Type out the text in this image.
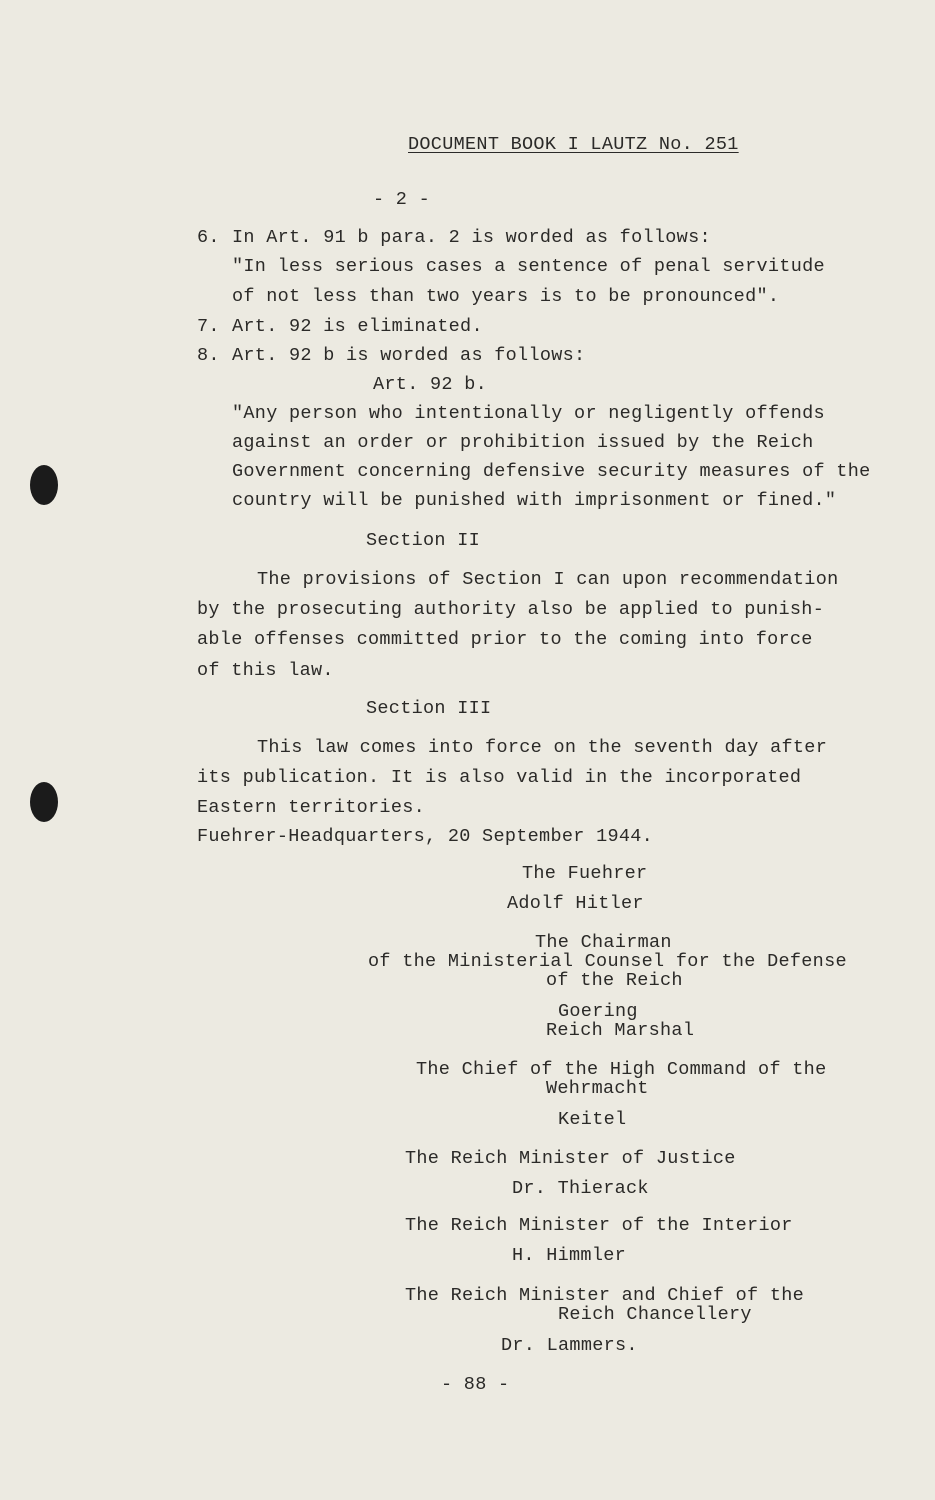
DOCUMENT BOOK I LAUTZ No. 251
- 2 -
6. In Art. 91 b para. 2 is worded as follows:
"In less serious cases a sentence of penal servitude
of not less than two years is to be pronounced".
7. Art. 92 is eliminated.
8. Art. 92 b is worded as follows:
Art. 92 b.
"Any person who intentionally or negligently offends
against an order or prohibition issued by the Reich
Government concerning defensive security measures of the
country will be punished with imprisonment or fined."
Section II
The provisions of Section I can upon recommendation
by the prosecuting authority also be applied to punish-
able offenses committed prior to the coming into force
of this law.
Section III
This law comes into force on the seventh day after
its publication. It is also valid in the incorporated
Eastern territories.
Fuehrer-Headquarters, 20 September 1944.
The Fuehrer
Adolf Hitler
The Chairman
of the Ministerial Counsel for the Defense
of the Reich
Goering
Reich Marshal
The Chief of the High Command of the
Wehrmacht
Keitel
The Reich Minister of Justice
Dr. Thierack
The Reich Minister of the Interior
H. Himmler
The Reich Minister and Chief of the
Reich Chancellery
Dr. Lammers.
- 88 -
